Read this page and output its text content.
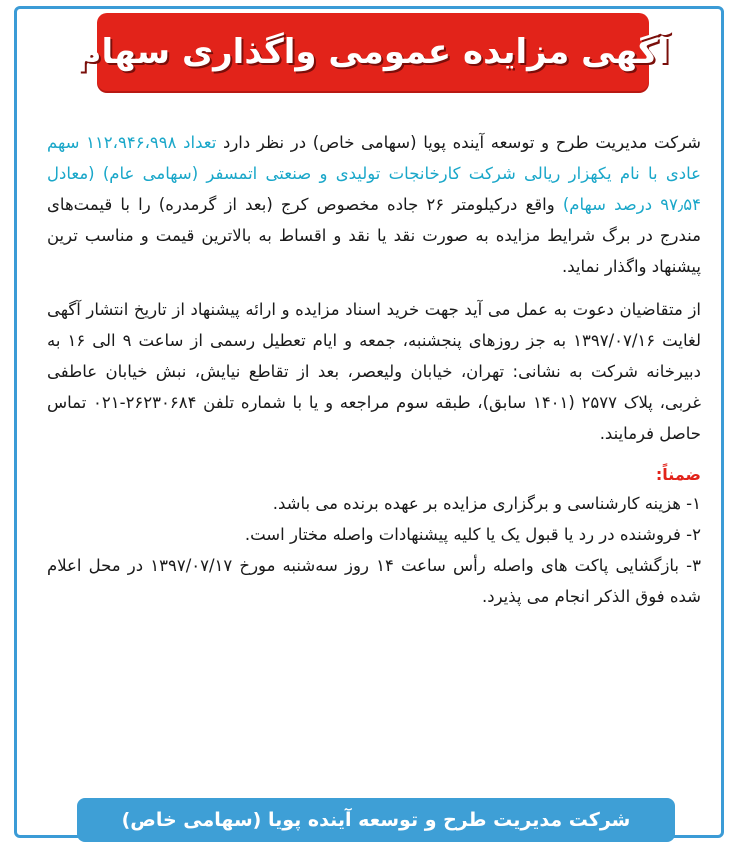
آگهی مزایده عمومی واگذاری سهام

شرکت مدیریت طرح و توسعه آینده پویا (سهامی خاص) در نظر دارد تعداد ۱۱۲،۹۴۶،۹۹۸ سهم عادی با نام یکهزار ریالی شرکت کارخانجات تولیدی و صنعتی اتمسفر (سهامی عام) (معادل ۹۷٫۵۴ درصد سهام) واقع درکیلومتر ۲۶ جاده مخصوص کرج (بعد از گرمدره) را با قیمت‌های مندرج در برگ شرایط مزایده به صورت نقد یا نقد و اقساط به بالاترین قیمت و مناسب ترین پیشنهاد واگذار نماید.

از متقاضیان دعوت به عمل می آید جهت خرید اسناد مزایده و ارائه پیشنهاد از تاریخ انتشار آگهی لغایت ۱۳۹۷/۰۷/۱۶ به جز روزهای پنجشنبه، جمعه و ایام تعطیل رسمی از ساعت ۹ الی ۱۶ به دبیرخانه شرکت به نشانی: تهران، خیابان ولیعصر، بعد از تقاطع نیایش، نبش خیابان عاطفی غربی، پلاک ۲۵۷۷ (۱۴۰۱ سابق)، طبقه سوم مراجعه و یا با شماره تلفن ۲۶۲۳۰۶۸۴-۰۲۱ تماس حاصل فرمایند.

ضمناً:
۱- هزینه کارشناسی و برگزاری مزایده بر عهده برنده می باشد.
۲- فروشنده در رد یا قبول یک یا کلیه پیشنهادات واصله مختار است.
۳- بازگشایی پاکت های واصله رأس ساعت ۱۴ روز سه‌شنبه مورخ ۱۳۹۷/۰۷/۱۷ در محل اعلام شده فوق الذکر انجام می پذیرد.
شرکت مدیریت طرح و توسعه آینده پویا (سهامی خاص)
